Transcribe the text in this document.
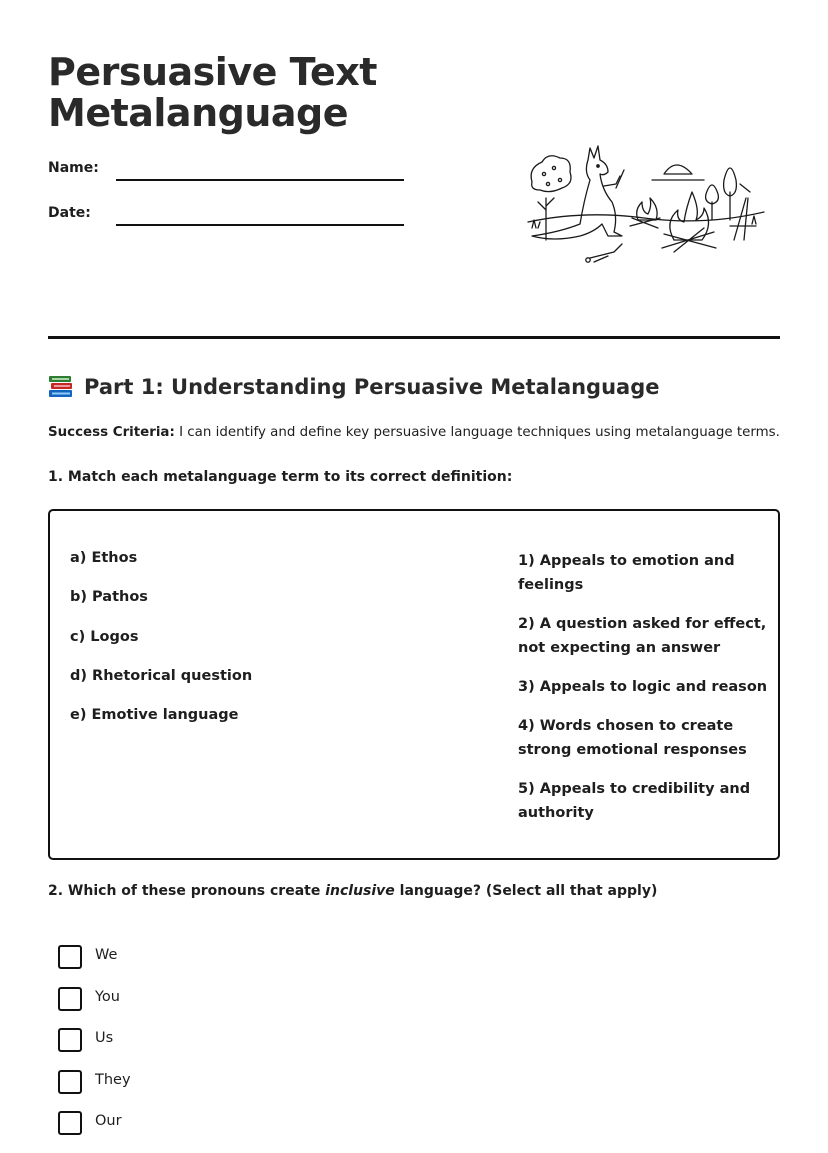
Persuasive Text
Metalanguage
Name:
Date:
Part 1: Understanding Persuasive Metalanguage
Success Criteria: I can identify and define key persuasive language techniques using metalanguage terms.
1. Match each metalanguage term to its correct definition:
a) Ethos
b) Pathos
c) Logos
d) Rhetorical question
e) Emotive language
1) Appeals to emotion and feelings
2) A question asked for effect, not expecting an answer
3) Appeals to logic and reason
4) Words chosen to create strong emotional responses
5) Appeals to credibility and authority
2. Which of these pronouns create inclusive language? (Select all that apply)
We
You
Us
They
Our
